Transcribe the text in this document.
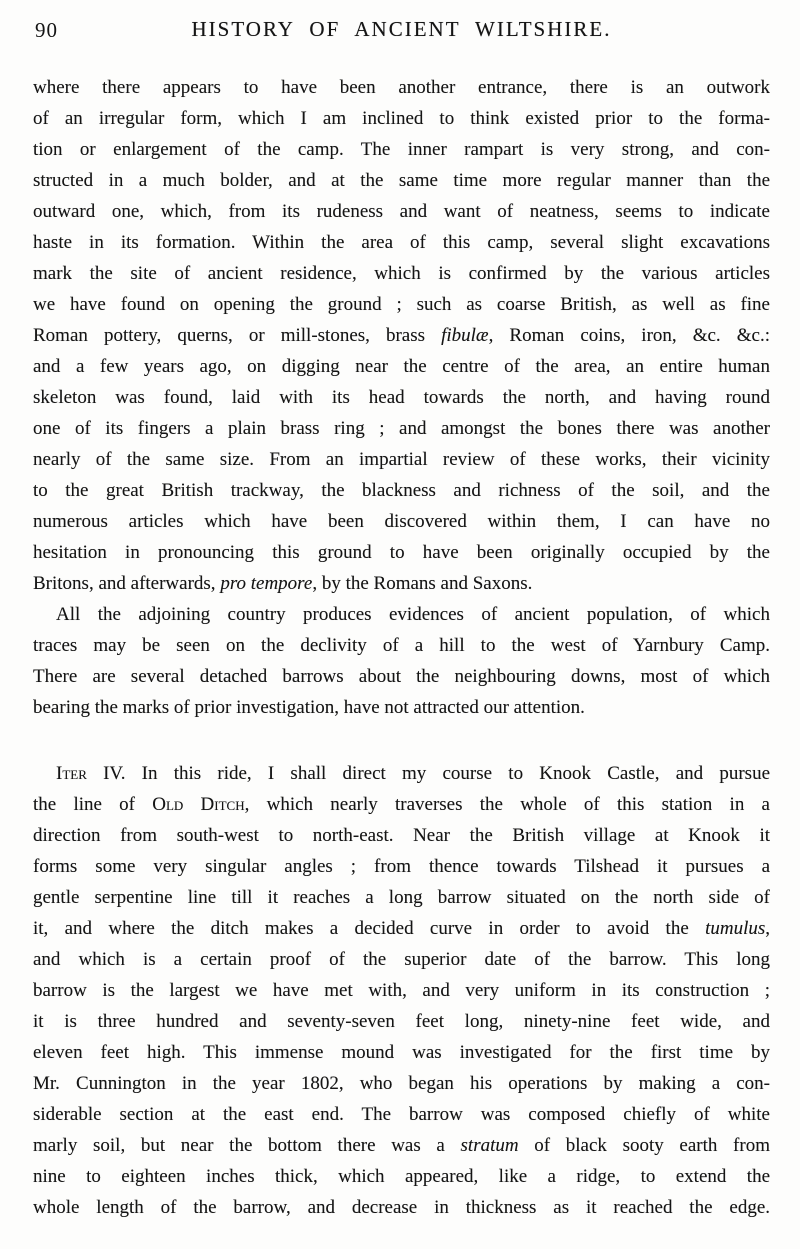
90	HISTORY OF ANCIENT WILTSHIRE.
where there appears to have been another entrance, there is an outwork
of an irregular form, which I am inclined to think existed prior to the forma-
tion or enlargement of the camp. The inner rampart is very strong, and con-
structed in a much bolder, and at the same time more regular manner than the
outward one, which, from its rudeness and want of neatness, seems to indicate
haste in its formation. Within the area of this camp, several slight excavations
mark the site of ancient residence, which is confirmed by the various articles
we have found on opening the ground ; such as coarse British, as well as fine
Roman pottery, querns, or mill-stones, brass fibulæ, Roman coins, iron, &c. &c.:
and a few years ago, on digging near the centre of the area, an entire human
skeleton was found, laid with its head towards the north, and having round
one of its fingers a plain brass ring ; and amongst the bones there was another
nearly of the same size. From an impartial review of these works, their vicinity
to the great British trackway, the blackness and richness of the soil, and the
numerous articles which have been discovered within them, I can have no
hesitation in pronouncing this ground to have been originally occupied by the
Britons, and afterwards, pro tempore, by the Romans and Saxons.
All the adjoining country produces evidences of ancient population, of which
traces may be seen on the declivity of a hill to the west of Yarnbury Camp.
There are several detached barrows about the neighbouring downs, most of which
bearing the marks of prior investigation, have not attracted our attention.
Iter IV. In this ride, I shall direct my course to Knook Castle, and pursue
the line of Old Ditch, which nearly traverses the whole of this station in a
direction from south-west to north-east. Near the British village at Knook it
forms some very singular angles ; from thence towards Tilshead it pursues a
gentle serpentine line till it reaches a long barrow situated on the north side of
it, and where the ditch makes a decided curve in order to avoid the tumulus,
and which is a certain proof of the superior date of the barrow. This long
barrow is the largest we have met with, and very uniform in its construction ;
it is three hundred and seventy-seven feet long, ninety-nine feet wide, and
eleven feet high. This immense mound was investigated for the first time by
Mr. Cunnington in the year 1802, who began his operations by making a con-
siderable section at the east end. The barrow was composed chiefly of white
marly soil, but near the bottom there was a stratum of black sooty earth from
nine to eighteen inches thick, which appeared, like a ridge, to extend the
whole length of the barrow, and decrease in thickness as it reached the edge.
